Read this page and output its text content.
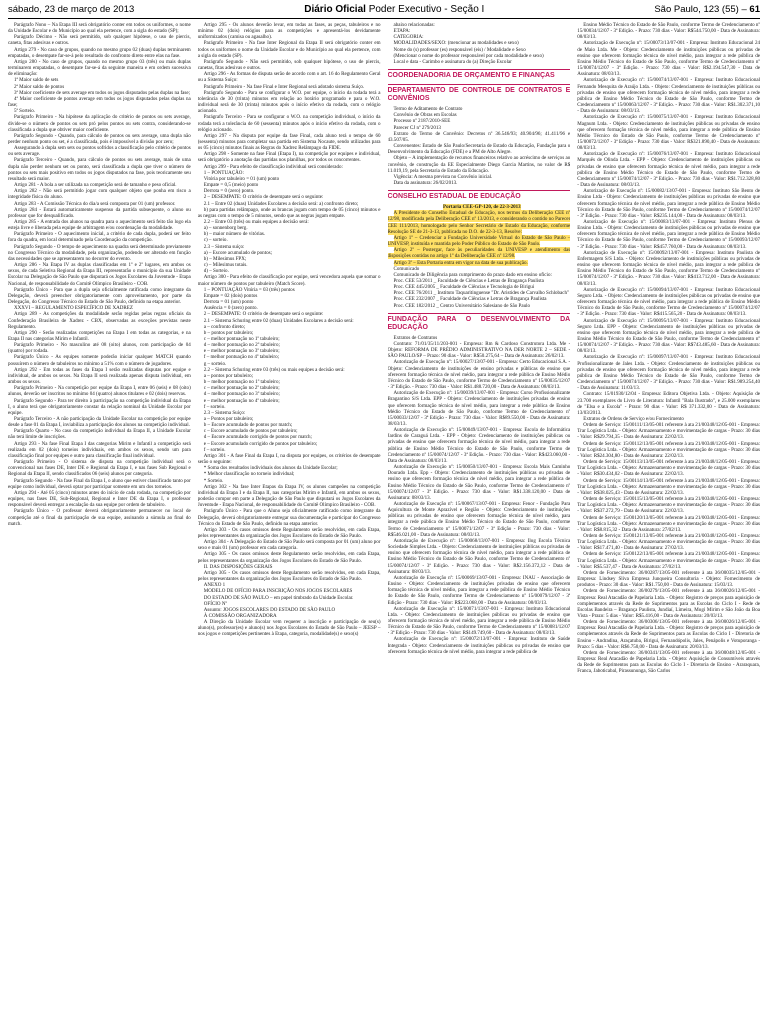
sábado, 23 de março de 2013	Diário Oficial Poder Executivo - Seção I	São Paulo, 123 (55) – 61

Parágrafo Nono – Na Etapa III será obrigatório conter em todos os uniformes, o nome da Unidade Escolar e do Município ao qual ela pertence, com a sigla do estado (SP);

Parágrafo Décimo - Não será permitido, sob qualquer hipótese, o uso de piercis, caneta, fitas adesivas e outros.

Artigo 279 - No caso de grupos, quando no mesmo grupo 02 (duas) duplas terminarem empatadas, o desempate far-se-á pelo resultado do confronto direto entre elas na fase.

Artigo 280 - No caso de grupos, quando no mesmo grupo 03 (três) ou mais duplas terminarem empatadas, o desempate far-se-á da seguinte maneira e em ordem sucessiva de eliminação:

1ª Maior saldo de sets

2ª Maior saldo de pontos

3ª Maior coeficiente de sets average em todos os jogos disputados pelas duplas na fase;

4ª Maior coeficiente de pontos average em todos os jogos disputados pelas duplas na fase;

5ª Sorteio.

Parágrafo Primeiro - Na hipótese da aplicação do critério de pontos ou sets average, divide-se o número de pontos ou sets pró pelos pontos ou sets contra, considerando-se classificada a dupla que obtiver maior coeficiente.

Parágrafo Segundo - Quando, para cálculo de pontos ou sets average, uma dupla não perder nenhum ponto ou set, é a classificada, pois é impossível a divisão por zero;

Assegurando à dupla sem sets ou pontos sofridos a classificação pelo critério de pontos ou sets average.

Parágrafo Terceiro - Quando, para cálculo de pontos ou sets average, mais de uma dupla não perder nenhum set ou ponto, será classificada a dupla que tiver o número de pontos ou sets mais positivo em todos os jogos disputados na fase, pois teoricamente seu resultado será maior.

Artigo 281 - A bola a ser utilizada na competição será de tamanho e peso oficial.

Artigo 282 - Não será permitido jogar com qualquer objeto que ponha em risco a integridade física do aluno.

Artigo 283 - A Comissão Técnica do dia/a será composta por 01 (um) professor.

Artigo 284 - Estará automaticamente suspenso da partida subsequente, o aluno ou professor que for desqualificado.

Artigo 285 - A entrada dos alunos na quadra para o aquecimento será feito tão logo ela esteja livre e liberada pela equipe de arbitragem e/ou coordenação da modalidade.

Parágrafo Primeiro - O aquecimento inicial, a critério de cada dupla, poderá ser feito fora da quadra, em local determinado pela Coordenação da competição.

Parágrafo Segundo - O tempo de aquecimento na quadra será determinado previamente no Congresso Técnico da modalidade, pela organização, podendo ser alterado em função das necessidades que se apresentarem no decorrer do evento.

Artigo 286 - Na Etapa IV as duplas classificadas em 1º e 2º lugares, em ambos os sexos, de cada Seletiva Regional da Etapa III, representarão o município da sua Unidade Escolar na Delegação de São Paulo que disputará os Jogos Escolares da Juventude - Etapa Nacional, de responsabilidade do Comitê Olímpico Brasileiro - COB.

Parágrafo Único - Para que a dupla seja oficialmente ratificada como integrante da Delegação, deverá preencher obrigatoriamente com aproveitamento, por parte da Delegação, do Congresso Técnico do Estado de São Paulo, definido na etapa anterior.

XXXVI – REGULAMENTO ESPECÍFICO DE XADREZ

Artigo 289 - As competições da modalidade serão regidas pelas regras oficiais da Confederação Brasileira de Xadrez - CBX, observadas as exceções previstas neste Regulamento.

Artigo 290 - Serão realizadas competições na Etapa I em todas as categorias, e na Etapa II nas categorias Mirim e Infantil.

Parágrafo Primeiro - No masculino até 08 (oito) alunos, com participação de 04 (quatro) por rodada.

Parágrafo Único - As equipes somente poderão iniciar qualquer MATCH quando possuírem o número de tabuleiros no mínimo a 51% com o número de jogadores.

Artigo 292 - Em todas as fases da Etapa I serão realizadas disputas por equipe e individual, de ambos os sexos. Na Etapa II será realizada apenas disputa individual, em ambos os sexos.

Parágrafo Primeiro - Na competição por equipe da Etapa I, entre 06 (seis) e 08 (oito) alunos, deverão ser inscritos no mínimo 04 (quatro) alunos titulares e 02 (dois) reservas.

Parágrafo Segundo - Para ter direito à participação na competição individual da Etapa I, o aluno terá que obrigatoriamente constar da relação nominal da Unidade Escolar por equipe.

Parágrafo Terceiro - A não participação da Unidade Escolar na competição por equipe desde a fase 01 da Etapa I, inviabiliza a participação dos alunos na competição individual.

Parágrafo Quarto - No caso da competição individual da Etapa II, a Unidade Escolar não terá limite de inscrições.

Artigo 293 - Na fase Final Etapa I das categorias Mirim e Infantil a competição será realizada em 02 (dois) torneios individuais, em ambos os sexos, sendo um para classificação final por equipes e outro para classificação final individual.

Parágrafo Primeiro - O sistema de disputa na competição individual será o convencional nas fases DE, Inter DE e Regional da Etapa I, e nas fases Sub Regional e Regional da Etapa II, sendo classificados 06 (seis) alunos por categoria.

Parágrafo Segundo - Na fase Final da Etapa I, o aluno que estiver classificado tanto por equipe como individual, deverá optar por participar somente em um dos torneios.

Artigo 294 - Até 05 (cinco) minutos antes do início de cada rodada, na competição por equipes, nas fases DE, Sub-Regional, Regional e Inter DE da Etapa I, o professor responsável deverá entregar a escalação da sua equipe por ordem de tabuleiro.

Parágrafo Único - O professor deverá obrigatoriamente permanecer no local de competição até o final da participação de sua equipe, assinando a súmula ao final do match.

Artigo 295 - Os alunos deverão levar, em todas as fases, as peças, tabuleiros e no mínimo 02 (dois) relógios para as competições e apresentá-los devidamente uniformizados (camisa ou agasalho).

Parágrafo Primeiro - Na fase Inter Regional da Etapa II será obrigatório conter em todos os uniformes o nome da Unidade Escolar e do Município ao qual ela pertence, com a sigla do estado (SP).

Parágrafo Segundo - Não será permitido, sob qualquer hipótese, o uso de piercis, canetas, fitas adesivas e outros.

Artigo 296 - As formas de disputa serão de acordo com o art. 16 do Regulamento Geral ou a Sistema Suíço:

Parágrafo Primeiro - Na fase Final e Inter Regional será adotado sistema Suíço.

Parágrafo Segundo - Para se configurar o W.O. por equipe, o início da rodada terá a tolerância de 30 (trinta) minutos em relação ao horário programado e para o W.O. individual será de 30 (trinta) minutos após o início efetivo da rodada, com o relógio acionado.

Parágrafo Terceiro - Para se configurar o W.O. na competição individual, o início da rodada terá a tolerância de 60 (sessenta) minutos após o início efetivo da rodada, com o relógio acionado.

Artigo 297 - Na disputa por equipe da fase Final, cada aluno terá o tempo de 60 (sessenta) minutos para completar sua partida em Sistema Nocaute, sendo utilizados para os 05 (cinco) minutos finais as Regras do Xadrez Relâmpago da FIDE.

Artigo 298 - Somente na fase Final (Etapa I), na competição por equipes e individual, será obrigatório a anotação das partidas nos planilhas, por todos os concorrentes.

Artigo 299 - Para efeito de classificação individual será considerado:

1 – PONTUAÇÃO:

Vitória por tabuleiro = 01 (um) ponto

Empate = 0,5 (meio) ponto

Derrota = 0 (zero) ponto.

2 – DESEMPATE: O critério de desempate será o seguinte:

2.1 – Entre 02 (duas) Unidades Escolares a decisão será: a) confronto direto;

b) para partidas relâmpago, onde as brancas jogam com tempo de 05 (cinco) minutos e as negras com o tempo de 5 minutos, sendo que as negras jogam empate.

2.2 – Entre 03 (três) ou mais equipes a decisão será:

a) – sonnenborg berg.

b) – maior número de vitórias.

c) – sorteio.

2.3 – Sistema suíço:

a) – Escore acumulado de pontos;

b) – Milesimus FPX;

c) – Milesimus totais.

d) – Sorteio.

Artigo 300 - Para efeito de classificação por equipe, será vencedora aquela que somar o maior número de pontos por tabuleiro (Match Score).

1 – PONTUAÇÃO Vitória = 03 (três) pontos

Empate = 02 (dois) pontos

Derrota = 01 (um) ponto

Ausência = 0 (zero) ponto.

2 – DESEMPATE: O critério de desempate será o seguinte:

2.1 – Sistema Schuring entre 02 (duas) Unidades Escolares a decisão será:

a – confronto direto;

b – pontos por tabuleiro;

c – melhor pontuação no 1º tabuleiro;

d – melhor pontuação no 2º tabuleiro;

e – melhor pontuação no 3º tabuleiro;

f – melhor pontuação no 4º tabuleiro;

g – sorteio.

2.2 – Sistema Schuring entre 03 (três) ou mais equipes a decisão será:

a – pontos por tabuleiro;

b – melhor pontuação no 1º tabuleiro;

c – melhor pontuação no 2º tabuleiro;

d – melhor pontuação no 3º tabuleiro;

e – melhor pontuação no 4º tabuleiro;

f – sorteio.

2.3 – Sistema Suíço:

a – Pontos por tabuleiro;

b – Escore acumulado de pontos por match;

c – Escore acumulado de pontos por tabuleiro;

d – Escore acumulado corrigido de pontos por match;

e – Escore acumulado corrigido de pontos por tabuleiro;

f – sorteio.

Artigo 301 - A fase Final da Etapa I, na disputa por equipes, os critérios de desempate serão o seguinte:

* Soma dos resultados individuais dos alunos da Unidade Escolar;

* Melhor classificação no torneio individual;

* Sorteio.

Artigo 302 - Na fase Inter Etapas da Etapa IV, os alunos campeões na competição individual da Etapa I e da Etapa II, nas categorias Mirim e Infantil, em ambos os sexos, poderão compor em parte a Delegação de São Paulo que disputará os Jogos Escolares da Juventude - Etapa Nacional, de responsabilidade do Comitê Olímpico Brasileiro - COB.

Parágrafo Único - Para que o Aluno seja oficialmente ratificado como integrante da Delegação, deverá obrigatoriamente entregar sua documentação e participar do Congresso Técnico do Estado de São Paulo, definido na etapa anterior.

Artigo 303 - Os casos omissos deste Regulamento serão resolvidos, em cada Etapa, pelos representantes da organização dos Jogos Escolares do Estado de São Paulo.

Artigo 304 - A Delegação do Estado de São Paulo será composta por 01 (um) aluno por sexo e mais 01 (um) professor em cada categoria.

Artigo 305 - Os casos omissos deste Regulamento serão resolvidos, em cada Etapa, pelos representantes da organização dos Jogos Escolares do Estado de São Paulo.

II. DAS DISPOSIÇÕES GERAIS

Artigo 305 - Os casos omissos deste Regulamento serão resolvidos, em cada Etapa, pelos representantes da organização dos Jogos Escolares do Estado de São Paulo.

ANEXO 1

MODELO DE OFÍCIO PARA INSCRIÇÃO NOS JOGOS ESCOLARES

DO ESTADO DE SÃO PAULO – em papel timbrado da Unidade Escolar.

OFÍCIO Nº

Assunto: JOGOS ESCOLARES DO ESTADO DE SÃO PAULO

À COMISSÃO ORGANIZADORA

A Direção da Unidade Escolar vem requerer a inscrição e participação de seu(s) aluno(s), professor(es) e aluno(s) nos Jogos Escolares do Estado de São Paulo – JEESP – nos jogos e competições pertinentes à Etapa, categoria, modalidade(s) e sexo(s)

abaixo relacionadas:

ETAPA:

CATEGORIA:

MODALIDADES/SEXO: (mencionar as modalidades e sexo)

Nome do (s) professor (es) responsável (eis) / Modalidade e Sexo

(Mencionar o nome do professor responsável por cada modalidade e sexo)

Local e data - Carimbo e assinatura do (a) Direção Escolar

COORDENADORIA DE ORÇAMENTO E FINANÇAS
DEPARTAMENTO DE CONTROLE DE CONTRATOS E CONVÊNIOS

Termo de Aditamento de Contrato

Convênio de Obras em Escolas

Processo nº 2187/2010-SEE

Parecer CJ nº 279/2013

Extrato do Termo de Convênio: Decretos nº 36.546/93; 40.904/96; 41.411/96 e 43.507/05.

Convenentes: Estado de São Paulo/Secretaria de Estado da Educação, Fundação para o Desenvolvimento da Educação (FDE) e a PM de Alto Alegre.

Objeto – A implementação de recursos financeiros relativo ao acréscimo de serviços ao convênio, de construção da EE Especialmente Diego Garcia Martins, no valor de R$ 11.019,19, pela Secretaria de Estado da Educação.

Vigência: A mesma prevista no Convênio inicial.

Data da assinatura: 26/02/2013.

CONSELHO ESTADUAL DE EDUCAÇÃO

Portaria CEE-GP-120, de 22-3-2013

A Presidente do Conselho Estadual de Educação, nos termos da Deliberação CEE nº 12/98, modificada pela Deliberação CEE nº 13/2013, e considerando o contido no Parecer CEE 111/2013, homologado pelo Senhor Secretário de Estado da Educação, conforme Resolução SE de 21-3-13, publicada no D.O. de 22-3-13, Resolve:

Artigo 1º – Credenciar a Fundação Universidade Virtual do Estado de São Paulo – UNIVESP, instituída e mantida pelo Poder Público do Estado de São Paulo.

Artigo 2º – Postergar, face às peculiaridades da UNIVESP e atendimento das disposições contidas no artigo 1º da Deliberação CEE nº 12/98.

Artigo 3º – Esta Portaria entra em vigor na data de sua publicação.

Comunicado

Comunicado de Diligência para cumprimento do prazo dado em ensino oficio:

Proc. CEE 53/2011 _ Faculdade de Ciências e Letras de Bragança Paulista

Proc. CEE 445/2005 _ Faculdade de Ciências e Tecnologia de Birigui

Proc. CEE 76/2011 _ Instituto Taquaritinguense "Dr. Aristides de Carvalho Schlobach"

Proc. CEE 232/2007 _ Faculdade de Ciências e Letras de Bragança Paulista

Proc. CEE 182/2012 _ Centro Universitário Salesiano de São Paulo

FUNDAÇÃO PARA O DESENVOLVIMENTO DA EDUCAÇÃO

Extratos de Contratos

Contrato: 71/01/35/11/203-001 - Empresa: Rm & Cardoso Construtora Ltda. Me - Objeto: REFORMA DE PRÉDIO ADMINISTRATIVO NA DER NORTE 2 – SEDE - SÃO PAULO/SP – Prazo: 90 dias - Valor: R$50.275,64 – Data de Assinatura: 26/02/13.

Autorização de Execução nº: 15/00027/13/07-001 - Empresa: Certo Educacional S.A. - Objeto: Credenciamento de instituições de ensino privadas e públicas de ensino que oferecem formação técnica de nível médio, para integrar a rede pública de Ensino Médio Técnico do Estado de São Paulo, conforme Termo de Credenciamento nº 15/00035/12/07 - 3ª Edição. - Prazo: 730 dias - Valor: R$1.488.720,00 - Data de Assinatura: 08/03/13.

Autorização de Execução nº: 15/00039/13/07-001 - Empresa: Curso Profissionalizante Bragantino S/S Ltda. EPP - Objeto: Credenciamento de instituições privadas de ensino que oferecem formação técnica de nível médio, para integrar a rede pública de Ensino Médio Técnico do Estado de São Paulo, conforme Termo de Credenciamento nº 15/00033/12/07 - 3ª Edição - Prazo: 730 dias - Valor: R$89.550,00 - Data de Assinatura: 08/03/13.

Autorização de Execução nº: 15/00049/13/07-001 - Empresa: Escola de Informática Jardins de Caraguá Ltda. - EPP - Objeto: Credenciamento de instituições públicas ou privadas de ensino que oferecem formação técnica de nível médio, para integrar a rede pública de Ensino Médio Técnico do Estado de São Paulo, conforme Termo de Credenciamento nº 15/00074/12/07 - 3ª Edição. - Prazo: 730 dias - Valor: R$423.060,00 - Data de Assinatura: 08/03/13.

Autorização de Execução nº: 15/00050/13/07-001 - Empresa: Escola Mais Caminho Dourado Ltda. Epp - Objeto: Credenciamento de instituições públicas ou privadas de ensino que oferecem formação técnica de nível médio, para integrar a rede pública de Ensino Médio Técnico do Estado de São Paulo, conforme Termo de Credenciamento nº 15/00074/12/07 - 3ª Edição. - Prazo: 730 dias - Valor: R$1.338.120,00 - Data de Assinatura: 08/03/13.

Autorização de Execução nº: 15/00067/13/07-001 - Empresa: Fenor - Fundação Para Aquicultura de Monte Aprazível e Região - Objeto: Credenciamento de instituições públicas ou privadas de ensino que oferecem formação técnica de nível médio, para integrar a rede pública de Ensino Médio Técnico do Estado de São Paulo, conforme Termo de Credenciamento nº 15/00071/12/07 - 3ª Edição - Prazo: 730 dias - Valor: R$546.021,00 - Data de Assinatura: 08/03/13.

Autorização de Execução nº: 15/00068/13/07-001 - Empresa: Ilog Escola Técnica Sociedade Simples Ltda. - Objeto: Credenciamento de instituições públicas ou privadas de ensino que oferecem formação técnica de nível médio, para integrar a rede pública de Ensino Médio Técnico do Estado de São Paulo, conforme Termo de Credenciamento nº 15/00074/12/07 - 3ª Edição. - Prazo: 730 dias - Valor: R$2.156.372,12 - Data de Assinatura: 08/03/13.

Autorização de Execução nº: 15/00069/13/07-001 - Empresa: INAU - Associação de Ensino - Objeto: Credenciamento de instituições privadas de ensino que oferecem formação técnica de nível médio, para integrar a rede pública de Ensino Médio Técnico do Estado de São Paulo, conforme Termo de Credenciamento nº 15/00079/12/07 - 3ª Edição - Prazo: 730 dias - Valor: R$223.068,00 - Data de Assinatura: 08/03/13.

Autorização de Execução nº: 15/00071/13/07-001 - Empresa: Instituto Educacional Ltda. - Objeto: Credenciamento de instituições públicas ou privadas de ensino que oferecem formação técnica de nível médio, para integrar a rede pública de Ensino Médio Técnico do Estado de São Paulo, conforme Termo de Credenciamento nº 15/00081/12/07 - 3ª Edição - Prazo: 730 dias - Valor: R$149.749,60 - Data de Assinatura: 08/03/13.

Autorização de Execução nº: 15/00072/13/07-001 - Empresa: Instituto de Saúde Integrada - Objeto: Credenciamento de instituições públicas ou privadas de ensino que oferecem formação técnica de nível médio, para integrar a rede pública de

Ensino Médio Técnico do Estado de São Paulo, conforme Termo de Credenciamento nº 15/00034/12/07 - 3ª Edição. - Prazo: 730 dias - Valor: R$544.750,00 - Data de Assinatura: 08/03/13.

Autorização de Execução nº: 15/00073/13/07-001 - Empresa: Instituto Educacional 24 de Maio Ltda. Me - Objeto: Credenciamento de instituições públicas ou privadas de ensino que oferecem formação técnica de nível médio, para integrar a rede pública de Ensino Médio Técnico do Estado de São Paulo, conforme Termo de Credenciamento nº 15/00074/12/07 - 3ª Edição. - Prazo: 730 dias - Valor: R$2.194.547,30 - Data de Assinatura: 08/03/13.

Autorização de Execução nº: 15/00074/13/07-001 - Empresa: Instituto Educacional Fernando Mesquita de Araújo Ltda. - Objeto: Credenciamento de instituições públicas ou privadas de ensino que oferecem formação técnica de nível médio, para integrar a rede pública de Ensino Médio Técnico do Estado de São Paulo, conforme Termo de Credenciamento nº 15/00063/12/07 - 3ª Edição. - Prazo: 730 dias - Valor: R$1.302.371,10 - Data de Assinatura: 08/03/13.

Autorização de Execução nº: 15/00075/13/07-001 - Empresa: Instituto Educacional Magnum Ltda. - Objeto: Credenciamento de instituições públicas ou privadas de ensino que oferecem formação técnica de nível médio, para integrar a rede pública de Ensino Médio Técnico do Estado de São Paulo, conforme Termo de Credenciamento nº 15/00072/12/07 - 3ª Edição - Prazo: 730 dias - Valor: R$321.890,40 - Data de Assinatura: 08/03/13.

Autorização de Execução nº: 15/00076/13/07-001 - Empresa: Instituto Educacional Marquês de Olinda Ltda. - EPP - Objeto: Credenciamento de instituições públicas ou privadas de ensino que oferecem formação técnica de nível médio, para integrar a rede pública de Ensino Médio Técnico do Estado de São Paulo, conforme Termo de Credenciamento nº 15/00074/12/07 - 3ª Edição. - Prazo: 730 dias - Valor: R$1.712.328,80 - Data de Assinatura: 08/03/13.

Autorização de Execução nº: 15/00082/13/07-001 - Empresa: Instituto São Bento de Ensino Ltda - Objeto: Credenciamento de instituições públicas ou privadas de ensino que oferecem formação técnica de nível médio, para integrar a rede pública de Ensino Médio Técnico do Estado de São Paulo, conforme Termo de Credenciamento nº 15/00074/12/07 - 3ª Edição. - Prazo: 730 dias - Valor: R$235.144,00 - Data de Assinatura: 08/03/13.

Autorização de Execução nº: 15/00083/13/07-001 - Empresa: Instituto Plenus de Ensino Ltda. - Objeto: Credenciamento de instituições públicas ou privadas de ensino que oferecem formação técnica de nível médio, para integrar a rede pública de Ensino Médio Técnico do Estado de São Paulo, conforme Termo de Credenciamento nº 15/00093/12/07 - 3ª Edição. - Prazo: 730 dias - Valor: R$457.760,00 - Data de Assinatura: 08/03/13.

Autorização de Execução nº: 15/00092/13/07-001 - Empresa: Instituto Paulista de Enfermagem S/S Ltda. - Objeto: Credenciamento de instituições públicas ou privadas de ensino que oferecem formação técnica de nível médio, para integrar a rede pública de Ensino Médio Técnico do Estado de São Paulo, conforme Termo de Credenciamento nº 15/00074/12/07 - 3ª Edição. - Prazo: 730 dias - Valor: R$413.712,00 - Data de Assinatura: 08/03/13.

Autorização de Execução nº: 15/00094/13/07-001 - Empresa: Instituto Educacional Seguro Ltda. - Objeto: Credenciamento de instituições públicas ou privadas de ensino que oferecem formação técnica de nível médio, para integrar a rede pública de Ensino Médio Técnico do Estado de São Paulo, conforme Termo de Credenciamento nº 15/00074/12/07 - 3ª Edição. - Prazo: 730 dias - Valor: R$415.565,20 - Data de Assinatura: 08/03/13.

Autorização de Execução nº: 15/00095/13/07-001 - Empresa: Instituto Educacional Seguro Ltda. EPP - Objeto: Credenciamento de instituições públicas ou privadas de ensino que oferecem formação técnica de nível médio, para integrar a rede pública de Ensino Médio Técnico do Estado de São Paulo, conforme Termo de Credenciamento nº 15/00074/12/07 - 3ª Edição. - Prazo: 730 dias - Valor: R$743.485,60 - Data de Assinatura: 08/03/13.

Autorização de Execução nº: 15/00097/13/07-001 - Empresa: Instituto Educacional Profissionalizante de Jales Ltda. - Objeto: Credenciamento de instituições públicas ou privadas de ensino que oferecem formação técnica de nível médio, para integrar a rede pública de Ensino Médio Técnico do Estado de São Paulo, conforme Termo de Credenciamento nº 15/00074/12/07 - 3ª Edição. - Prazo: 730 dias - Valor: R$1.989.254,40 - Data de Assinatura: 11/03/13.

Contrato: 15/01930/12/04 - Empresa: Editora Objetiva Ltda. - Objeto: Aquisição de 23.700 exemplares do Livro de Literatura: Infantil "Bala Ilustrado", e 25.000 exemplares de "Elsa e a Escola" - Prazo: 90 dias - Valor: R$ 371.332,00 - Data de Assinatura: 13/03/2013.

Extratos de Ordens de Serviço e/ou Fornecimento

Ordem de Serviço: 15/00111/13/05-001 referente à ata 21/00348/12/05-001 - Empresa: Trar Logística Ltda. - Objeto: Armazenamento e movimentação de cargas - Prazo: 30 dias - Valor: R$29.794,35 - Data de Assinatura: 22/02/13.

Ordem de Serviço: 15/00112/13/05-001 referente à ata 21/00348/12/05-001 - Empresa: Trar Logística Ltda. - Objeto: Armazenamento e movimentação de cargas - Prazo: 30 dias - Valor: R$24.304,80 - Data de Assinatura: 22/02/13.

Ordem de Serviço: 15/00113/13/05-001 referente à ata 21/00348/12/05-001 - Empresa: Trar Logística Ltda. - Objeto: Armazenamento e movimentação de cargas - Prazo: 30 dias - Valor: R$30.434,02 - Data de Assinatura: 22/02/13.

Ordem de Serviço: 15/00114/13/05-001 referente à ata 21/00348/12/05-001 - Empresa: Trar Logística Ltda. - Objeto: Armazenamento e movimentação de cargas - Prazo: 30 dias - Valor: R$38.025,43 - Data de Assinatura: 22/02/13.

Ordem de Serviço: 15/00115/13/05-001 referente à ata 21/00348/12/05-001 - Empresa: Trar Logística Ltda. - Objeto: Armazenamento e movimentação de cargas - Prazo: 30 dias - Valor: R$37.272,79 - Data de Assinatura: 22/02/13.

Ordem de Serviço: 15/00120/13/05-001 referente à ata 21/00348/12/05-001 - Empresa: Trar Logística Ltda. - Objeto: Armazenamento e movimentação de cargas - Prazo: 30 dias - Valor: R$8.815,32 - Data de Assinatura: 27/02/13.

Ordem de Serviço: 15/00121/13/05-001 referente à ata 21/00348/12/05-001 - Empresa: Trar Logística Ltda. - Objeto: Armazenamento e movimentação de cargas - Prazo: 30 dias - Valor: R$17.471,40 - Data de Assinatura: 27/02/13.

Ordem de Serviço: 15/00122/13/05-001 referente à ata 21/00348/12/05-001 - Empresa: Trar Logística Ltda. - Objeto: Armazenamento e movimentação de cargas - Prazo: 30 dias - Valor: R$5.537,47 - Data de Assinatura: 27/02/13.

Ordem de Fornecimento: 36/00287/13/05-001 referente à ata 36/00035/12/05-001 - Empresa: Lindsey Sliva Empresa Junqueira Consultoria - Objeto: Fornecimento de produtos - Prazo: 30 dias - Valor: R$1.750,00 - Data de Assinatura: 15/03/13.

Ordem de Fornecimento: 36/00279/13/05-001 referente à ata 36/00026/12/05-001 - Empresa: Real Atacadão de Papelaria Ltda. - Objeto: Registro de preços para aquisição de complementos através da Rede de Suprimentos para as Escolas do Ciclo I - Rede de Escolas Bandeira – Bragança Paulista, Jundiaí, Limeira, Mogi Mirim e São João da Boa Vista - Prazo: 5 dias - Valor: R$5.416,00 - Data de Assinatura: 20/03/13.

Ordem de Fornecimento: 36/00306/13/05-001 referente à ata 36/00026/12/05-001 - Empresa: Real Atacadão de Papelaria Ltda. - Objeto: Registro de preços para aquisição de complementos através da Rede de Suprimentos para as Escolas do Ciclo I - Diretoria de Ensino - Andradina, Araçatuba, Birigui, Fernandópolis, Jales, Penápolis e Votuporanga - Prazo: 5 dias - Valor: R$6.750,00 - Data de Assinatura: 20/03/13.

Ordem de Fornecimento: 36/00341/13/05-001 referente à ata 36/00048/12/05-001 - Empresa: Real Atacadão de Papelaria Ltda. - Objeto: Aquisição de Consumíveis através da Rede de Suprimentos para as Escolas do Ciclo I - Diretoria de Ensino - Araraquara, Franca, Jaboticabal, Pirassununga, São Carlos
